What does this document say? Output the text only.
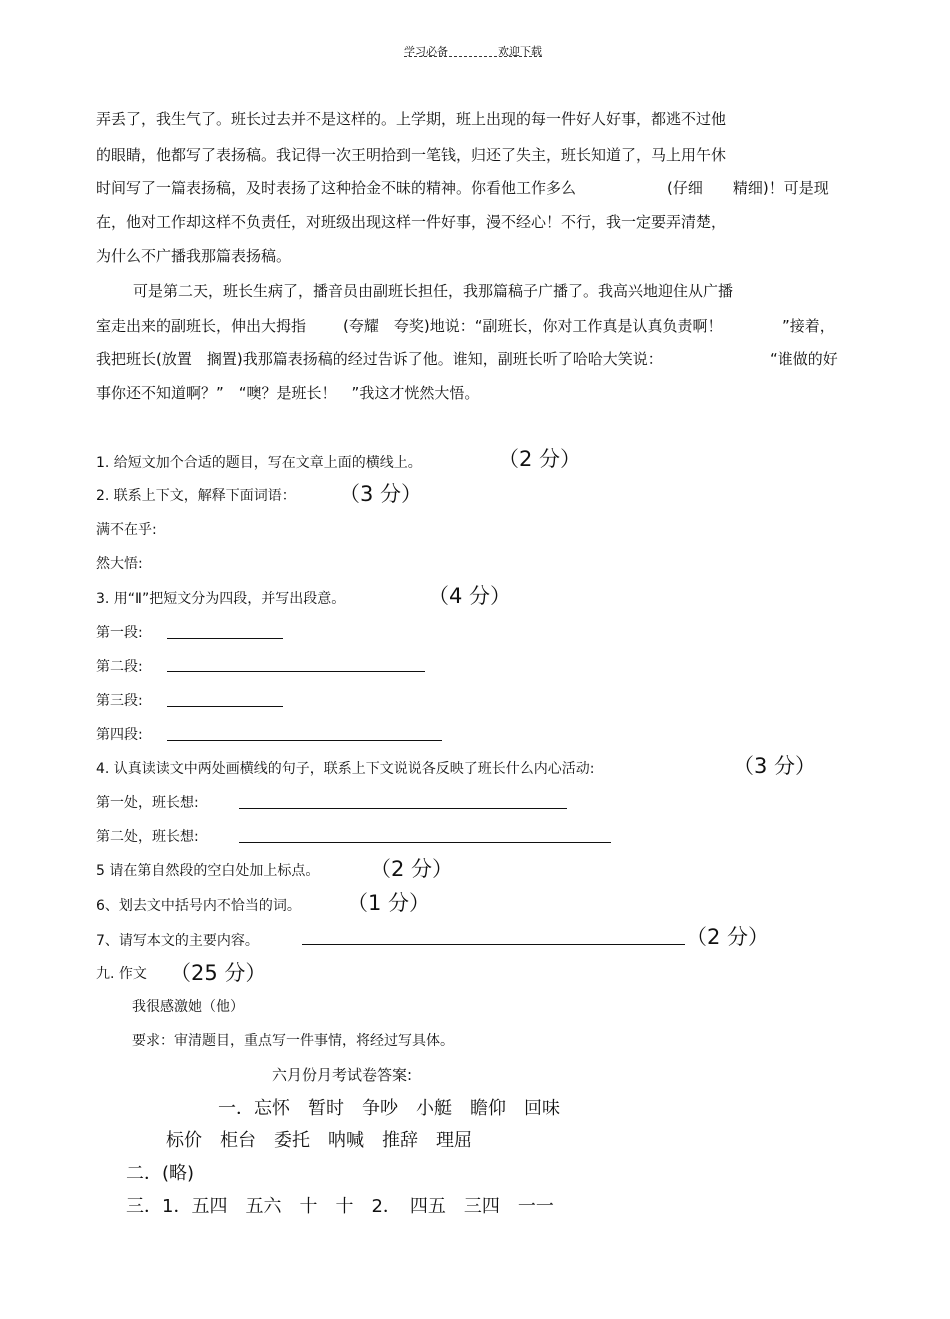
学习必备	欢迎下载
弄丢了，我生气了。班长过去并不是这样的。上学期，班上出现的每一件好人好事，都逃不过他
的眼睛，他都写了表扬稿。我记得一次王明拾到一笔钱，归还了失主，班长知道了，马上用午休
时间写了一篇表扬稿，及时表扬了这种拾金不昧的精神。你看他工作多么	(仔细　　精细)！可是现
在，他对工作却这样不负责任，对班级出现这样一件好事，漫不经心！不行，我一定要弄清楚，
为什么不广播我那篇表扬稿。
可是第二天，班长生病了，播音员由副班长担任，我那篇稿子广播了。我高兴地迎住从广播
室走出来的副班长，伸出大拇指 (夸耀　夸奖)地说：“副班长，你对工作真是认真负责啊！	”接着，
我把班长(放置　搁置)我那篇表扬稿的经过告诉了他。谁知，副班长听了哈哈大笑说：	“谁做的好
事你还不知道啊？”　“噢？是班长！　”我这才恍然大悟。
1. 给短文加个合适的题目，写在文章上面的横线上。	（2 分）
2. 联系上下文，解释下面词语： （3 分）
满不在乎:
然大悟:
3. 用“Ⅱ”把短文分为四段，并写出段意。	（4 分）
第一段:
第二段:
第三段:
第四段:
4. 认真读读文中两处画横线的句子，联系上下文说说各反映了班长什么内心活动:	（3 分）
第一处，班长想:
第二处，班长想:
5 请在第自然段的空白处加上标点。 （2 分）
6、划去文中括号内不恰当的词。 （1 分）
7、请写本文的主要内容。	（2 分）
九. 作文 （25 分）
我很感激她（他）
要求：审清题目，重点写一件事情，将经过写具体。
六月份月考试卷答案:
一．忘怀　暂时　争吵　小艇　瞻仰　回味
标价　柜台　委托　呐喊　推辞　理屈
二．(略)
三．1．五四　五六　十　十　2．　四五　三四　一一
